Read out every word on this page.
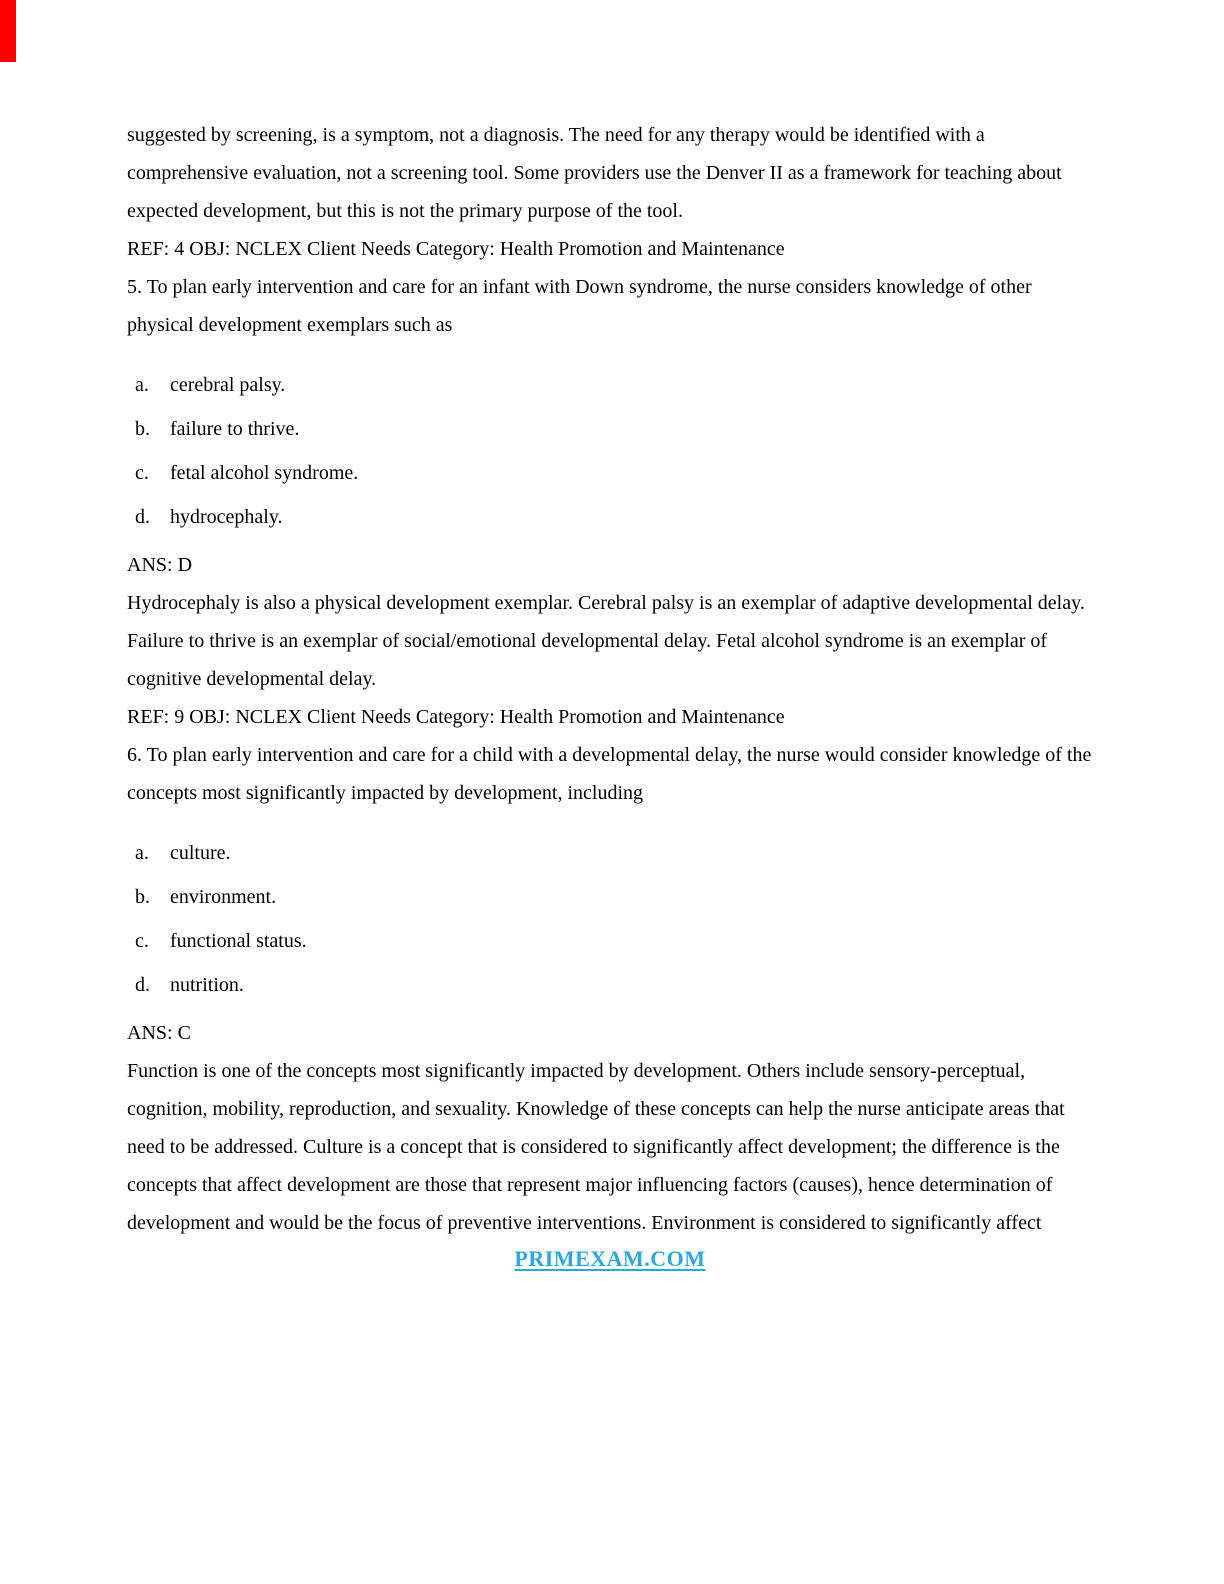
suggested by screening, is a symptom, not a diagnosis. The need for any therapy would be identified with a comprehensive evaluation, not a screening tool. Some providers use the Denver II as a framework for teaching about expected development, but this is not the primary purpose of the tool.

REF: 4 OBJ: NCLEX Client Needs Category: Health Promotion and Maintenance

5. To plan early intervention and care for an infant with Down syndrome, the nurse considers knowledge of other physical development exemplars such as

a.	cerebral palsy.
b.	failure to thrive.
c.	fetal alcohol syndrome.
d.	hydrocephaly.

ANS: D

Hydrocephaly is also a physical development exemplar. Cerebral palsy is an exemplar of adaptive developmental delay. Failure to thrive is an exemplar of social/emotional developmental delay. Fetal alcohol syndrome is an exemplar of cognitive developmental delay.

REF: 9 OBJ: NCLEX Client Needs Category: Health Promotion and Maintenance

6. To plan early intervention and care for a child with a developmental delay, the nurse would consider knowledge of the concepts most significantly impacted by development, including

a.	culture.
b.	environment.
c.	functional status.
d.	nutrition.

ANS: C

Function is one of the concepts most significantly impacted by development. Others include sensory-perceptual, cognition, mobility, reproduction, and sexuality. Knowledge of these concepts can help the nurse anticipate areas that need to be addressed. Culture is a concept that is considered to significantly affect development; the difference is the concepts that affect development are those that represent major influencing factors (causes), hence determination of development and would be the focus of preventive interventions. Environment is considered to significantly affect

PRIMEXAM.COM
